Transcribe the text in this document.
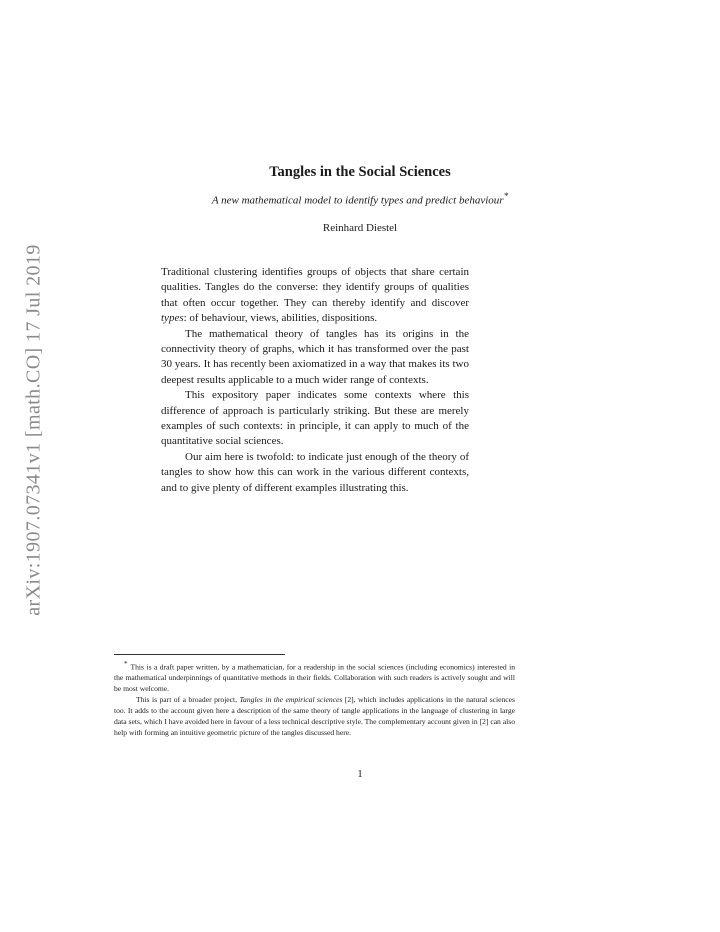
arXiv:1907.07341v1 [math.CO] 17 Jul 2019
Tangles in the Social Sciences
A new mathematical model to identify types and predict behaviour*
Reinhard Diestel

Traditional clustering identifies groups of objects that share certain qualities. Tangles do the converse: they identify groups of qualities that often occur together. They can thereby identify and discover types: of behaviour, views, abilities, dispositions.

The mathematical theory of tangles has its origins in the connectivity theory of graphs, which it has transformed over the past 30 years. It has recently been axiomatized in a way that makes its two deepest results applicable to a much wider range of contexts.

This expository paper indicates some contexts where this difference of approach is particularly striking. But these are merely examples of such contexts: in principle, it can apply to much of the quantitative social sciences.

Our aim here is twofold: to indicate just enough of the theory of tangles to show how this can work in the various different contexts, and to give plenty of different examples illustrating this.

* This is a draft paper written, by a mathematician, for a readership in the social sciences (including economics) interested in the mathematical underpinnings of quantitative methods in their fields. Collaboration with such readers is actively sought and will be most welcome.

This is part of a broader project, Tangles in the empirical sciences [2], which includes applications in the natural sciences too. It adds to the account given here a description of the same theory of tangle applications in the language of clustering in large data sets, which I have avoided here in favour of a less technical descriptive style. The complementary account given in [2] can also help with forming an intuitive geometric picture of the tangles discussed here.

1
